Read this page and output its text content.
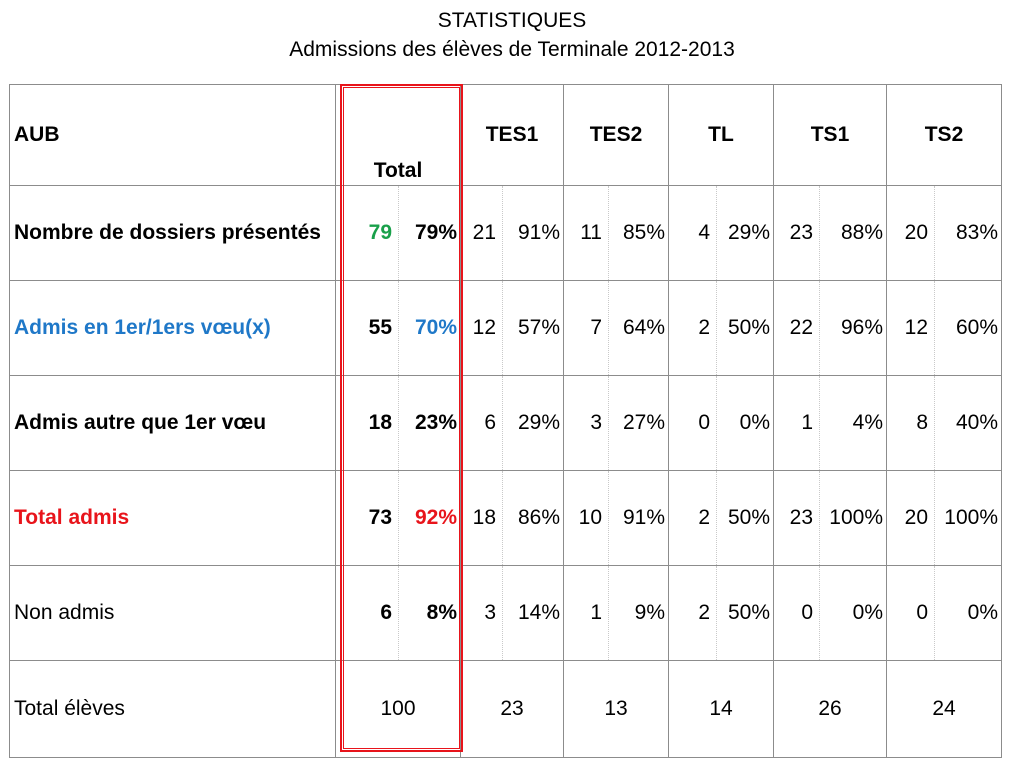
STATISTIQUES
Admissions des élèves de Terminale 2012-2013
AUB	Total		TES1		TES2		TL		TS1		TS2	
Nombre de dossiers présentés	79	79%	21	91%	11	85%	4	29%	23	88%	20	83%
Admis en 1er/1ers vœu(x)	55	70%	12	57%	7	64%	2	50%	22	96%	12	60%
Admis autre que 1er vœu	18	23%	6	29%	3	27%	0	0%	1	4%	8	40%
Total admis	73	92%	18	86%	10	91%	2	50%	23	100%	20	100%
Non admis	6	8%	3	14%	1	9%	2	50%	0	0%	0	0%
Total élèves	100		23		13		14		26		24	
